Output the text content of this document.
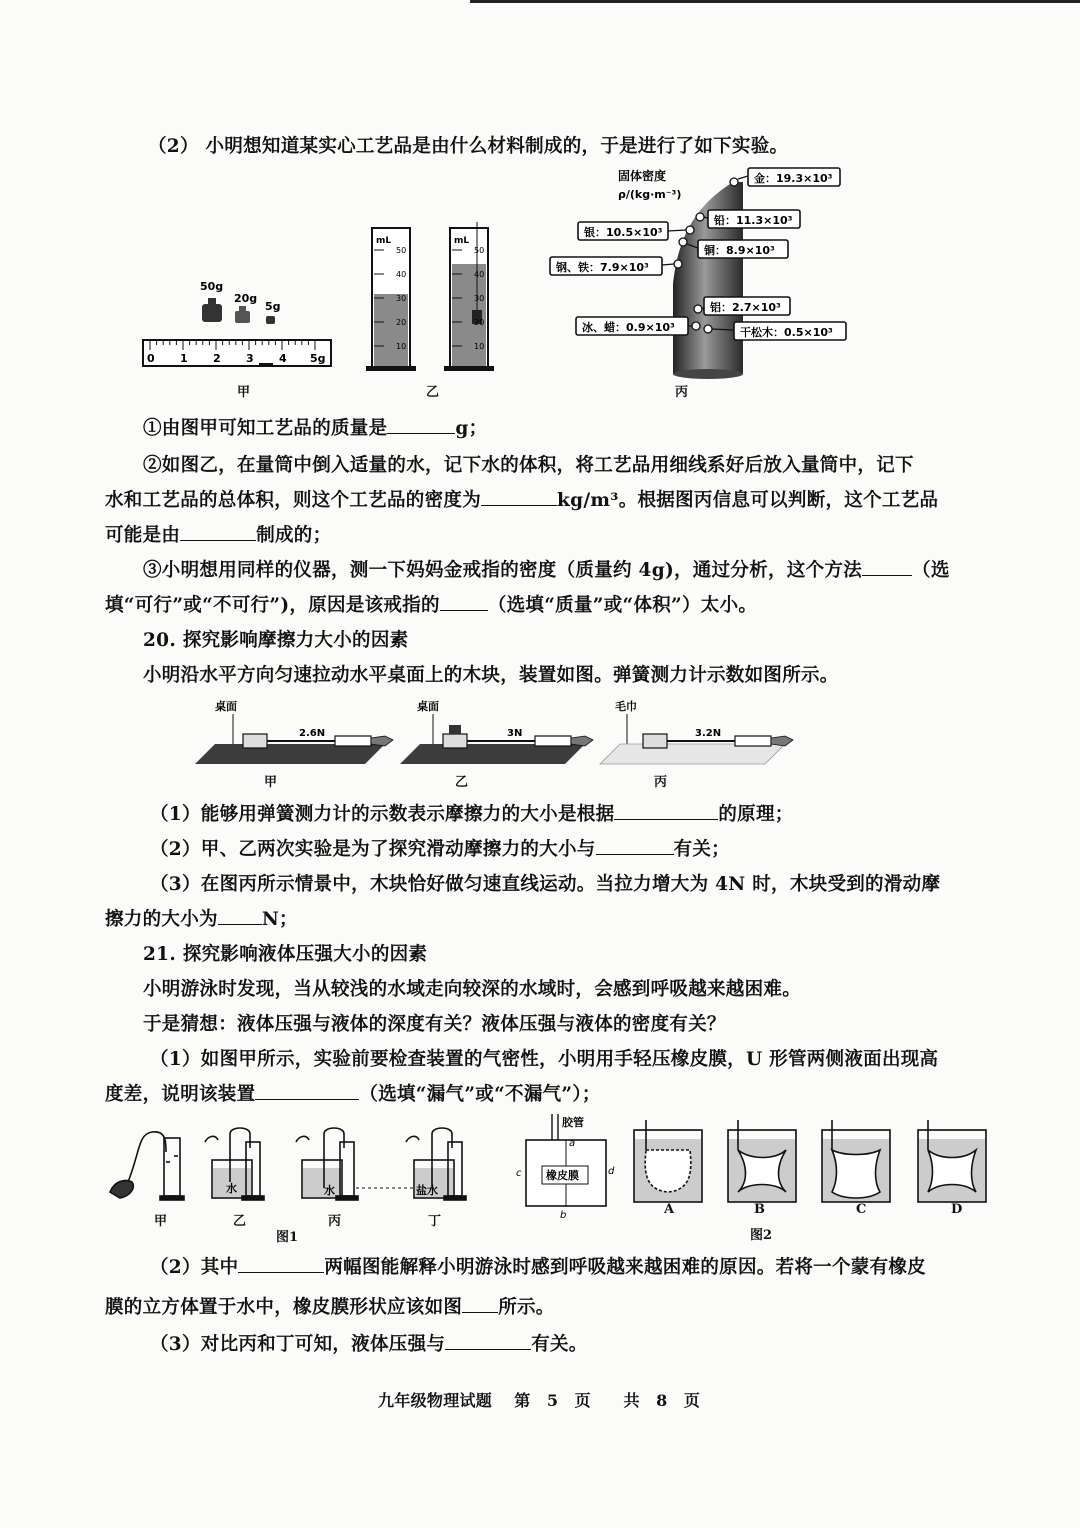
（2） 小明想知道某实心工艺品是由什么材料制成的，于是进行了如下实验。
50g
20g
5g
0 1 2 3 4 5g
甲
mL
50
40
30
20
10
mL
50
40
30
20
10
乙
固体密度
ρ/(kg·m⁻³)
金：19.3×10³
铅：11.3×10³
银：10.5×10³
铜：8.9×10³
钢、铁：7.9×10³
铝：2.7×10³
冰、蜡：0.9×10³	干松木：0.5×10³
丙
①由图甲可知工艺品的质量是	g；
②如图乙，在量筒中倒入适量的水，记下水的体积，将工艺品用细线系好后放入量筒中，记下
水和工艺品的总体积，则这个工艺品的密度为	kg/m³。根据图丙信息可以判断，这个工艺品
可能是由	制成的；
③小明想用同样的仪器，测一下妈妈金戒指的密度（质量约 4g)，通过分析，这个方法	（选
填“可行”或“不可行”)，原因是该戒指的	（选填“质量”或“体积”）太小。
20. 探究影响摩擦力大小的因素
小明沿水平方向匀速拉动水平桌面上的木块，装置如图。弹簧测力计示数如图所示。
桌面
2.6N
桌面
3N
毛巾
3.2N
甲	乙	丙
（1）能够用弹簧测力计的示数表示摩擦力的大小是根据	的原理；
（2）甲、乙两次实验是为了探究滑动摩擦力的大小与	有关；
（3）在图丙所示情景中，木块恰好做匀速直线运动。当拉力增大为 4N 时，木块受到的滑动摩
擦力的大小为 N；
21. 探究影响液体压强大小的因素
小明游泳时发现，当从较浅的水域走向较深的水域时，会感到呼吸越来越困难。
于是猜想：液体压强与液体的深度有关？液体压强与液体的密度有关？
（1）如图甲所示，实验前要检查装置的气密性，小明用手轻压橡皮膜，U 形管两侧液面出现高
度差，说明该装置	（选填“漏气”或“不漏气”）；
水	水	盐水
甲	乙	丙	丁
图1
胶管
a
b
c	d
橡皮膜
A	B	C	D
图2
（2）其中	两幅图能解释小明游泳时感到呼吸越来越困难的原因。若将一个蒙有橡皮
膜的立方体置于水中，橡皮膜形状应该如图 所示。
（3）对比丙和丁可知，液体压强与	有关。
九年级物理试题　 第　5　页　　共　8　页
